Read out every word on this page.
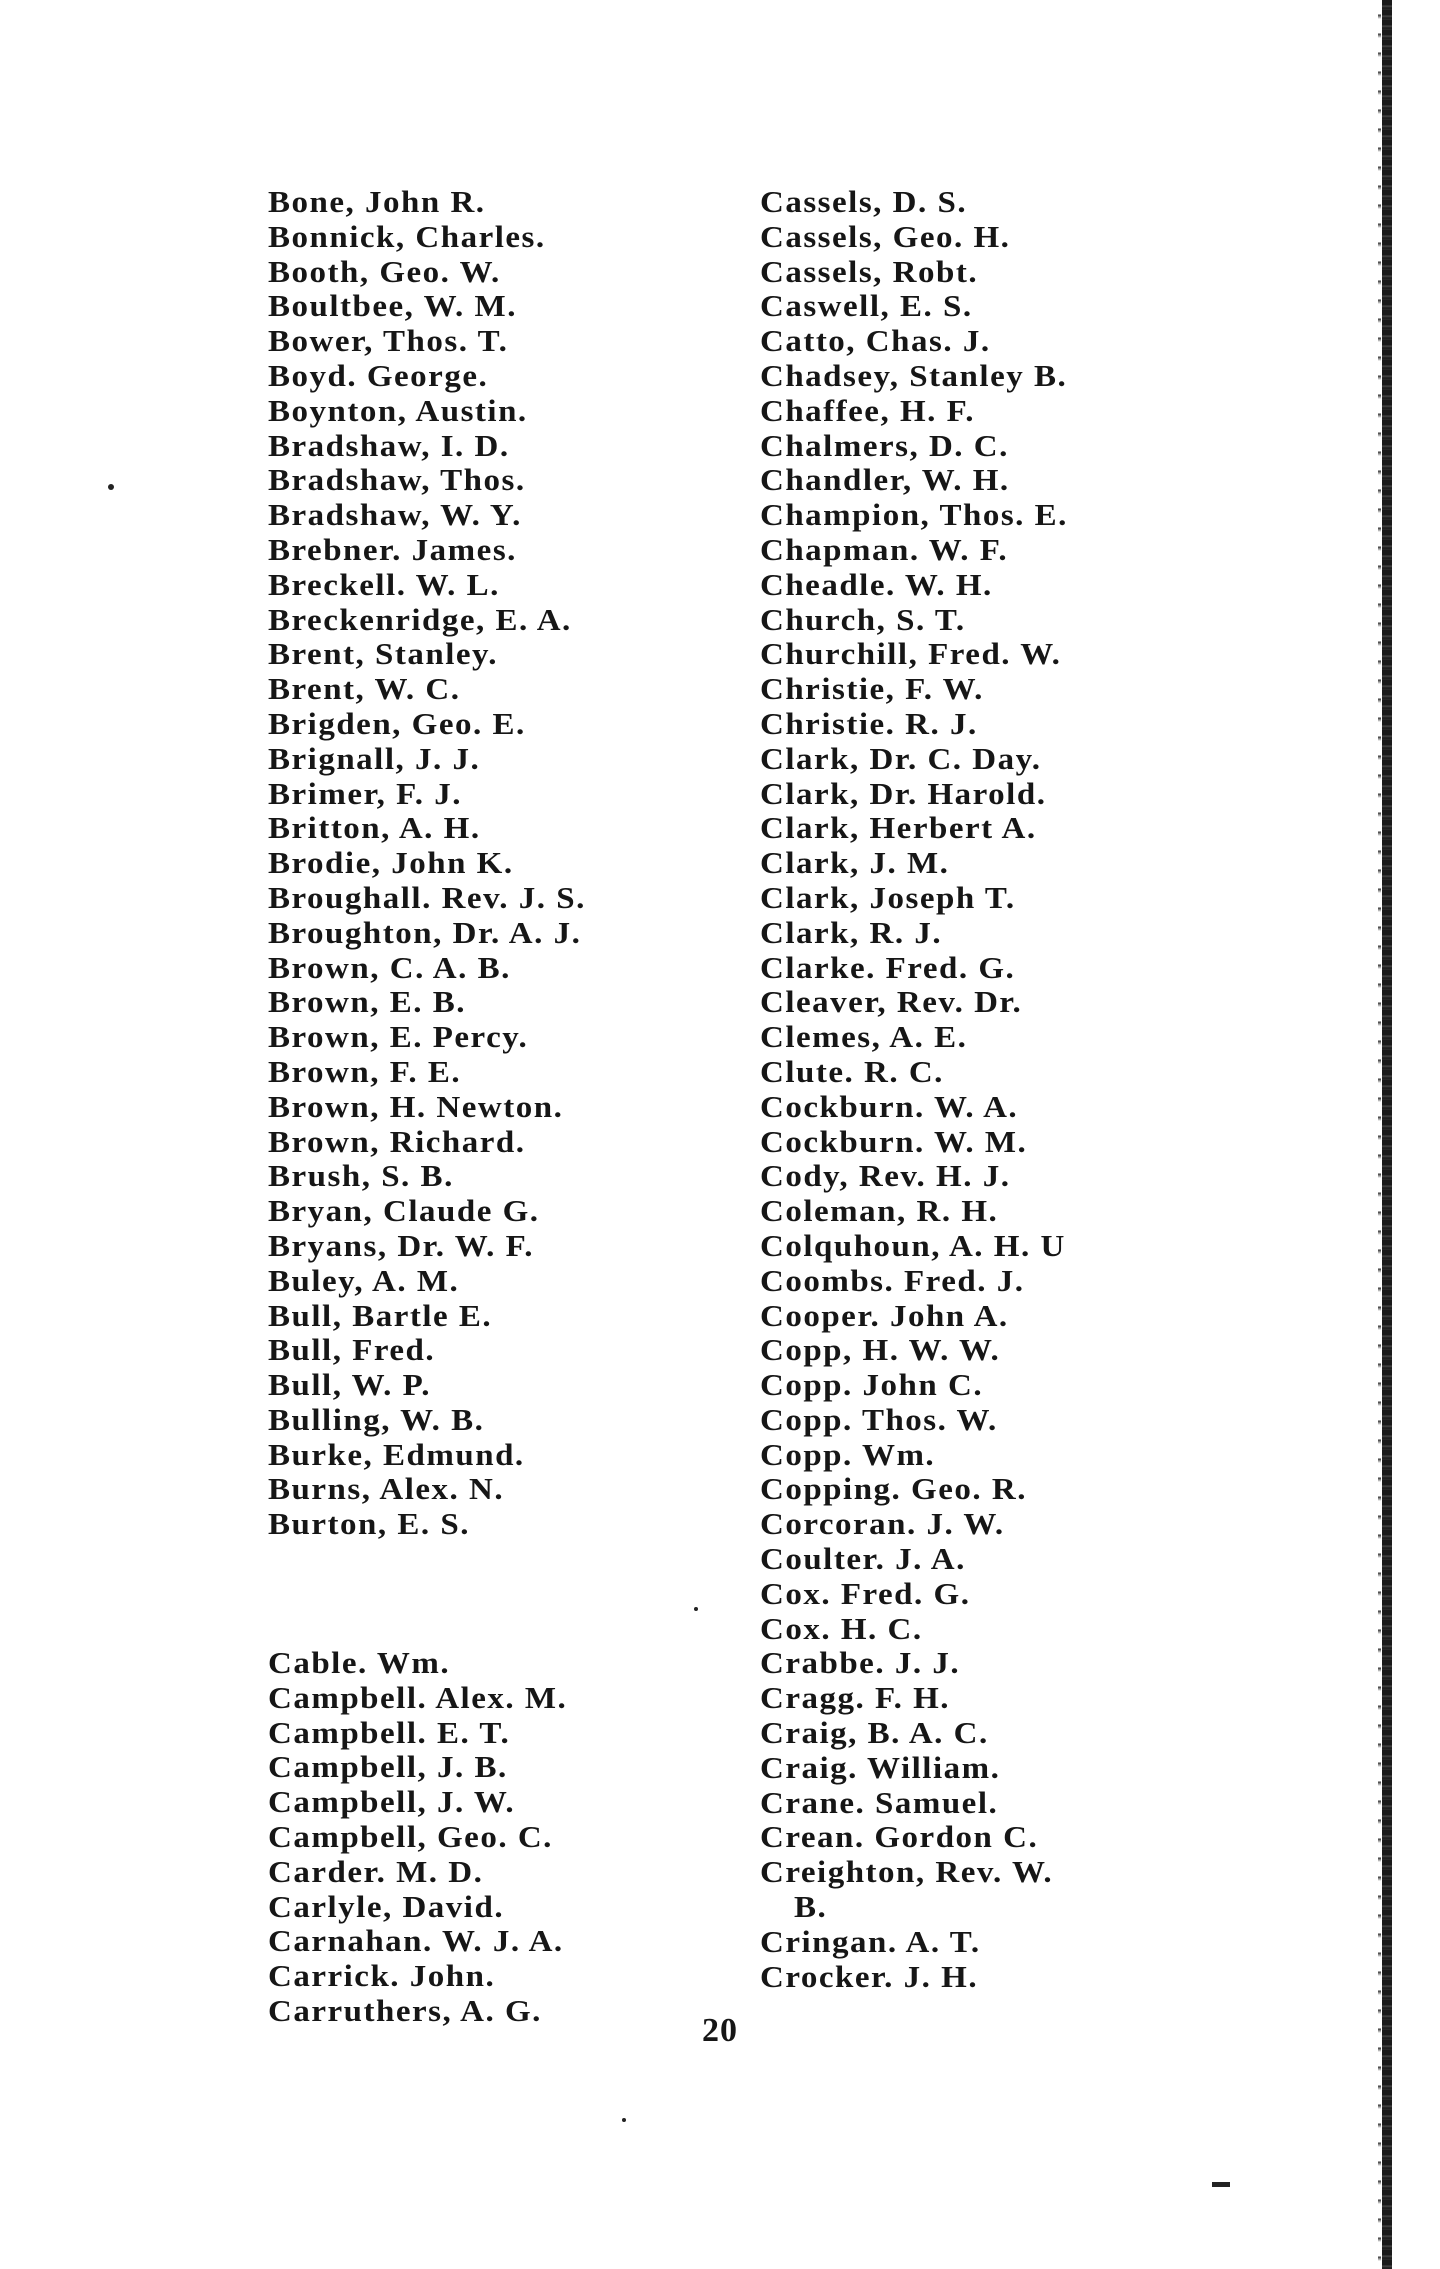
Bone, John R.
Bonnick, Charles.
Booth, Geo. W.
Boultbee, W. M.
Bower, Thos. T.
Boyd. George.
Boynton, Austin.
Bradshaw, I. D.
Bradshaw, Thos.
Bradshaw, W. Y.
Brebner. James.
Breckell. W. L.
Breckenridge, E. A.
Brent, Stanley.
Brent, W. C.
Brigden, Geo. E.
Brignall, J. J.
Brimer, F. J.
Britton, A. H.
Brodie, John K.
Broughall. Rev. J. S.
Broughton, Dr. A. J.
Brown, C. A. B.
Brown, E. B.
Brown, E. Percy.
Brown, F. E.
Brown, H. Newton.
Brown, Richard.
Brush, S. B.
Bryan, Claude G.
Bryans, Dr. W. F.
Buley, A. M.
Bull, Bartle E.
Bull, Fred.
Bull, W. P.
Bulling, W. B.
Burke, Edmund.
Burns, Alex. N.
Burton, E. S.
Cable. Wm.
Campbell. Alex. M.
Campbell. E. T.
Campbell, J. B.
Campbell, J. W.
Campbell, Geo. C.
Carder. M. D.
Carlyle, David.
Carnahan. W. J. A.
Carrick. John.
Carruthers, A. G.
Cassels, D. S.
Cassels, Geo. H.
Cassels, Robt.
Caswell, E. S.
Catto, Chas. J.
Chadsey, Stanley B.
Chaffee, H. F.
Chalmers, D. C.
Chandler, W. H.
Champion, Thos. E.
Chapman. W. F.
Cheadle. W. H.
Church, S. T.
Churchill, Fred. W.
Christie, F. W.
Christie. R. J.
Clark, Dr. C. Day.
Clark, Dr. Harold.
Clark, Herbert A.
Clark, J. M.
Clark, Joseph T.
Clark, R. J.
Clarke. Fred. G.
Cleaver, Rev. Dr.
Clemes, A. E.
Clute. R. C.
Cockburn. W. A.
Cockburn. W. M.
Cody, Rev. H. J.
Coleman, R. H.
Colquhoun, A. H. U
Coombs. Fred. J.
Cooper. John A.
Copp, H. W. W.
Copp. John C.
Copp. Thos. W.
Copp. Wm.
Copping. Geo. R.
Corcoran. J. W.
Coulter. J. A.
Cox. Fred. G.
Cox. H. C.
Crabbe. J. J.
Cragg. F. H.
Craig, B. A. C.
Craig. William.
Crane. Samuel.
Crean. Gordon C.
Creighton, Rev. W.
B.
Cringan. A. T.
Crocker. J. H.
20
